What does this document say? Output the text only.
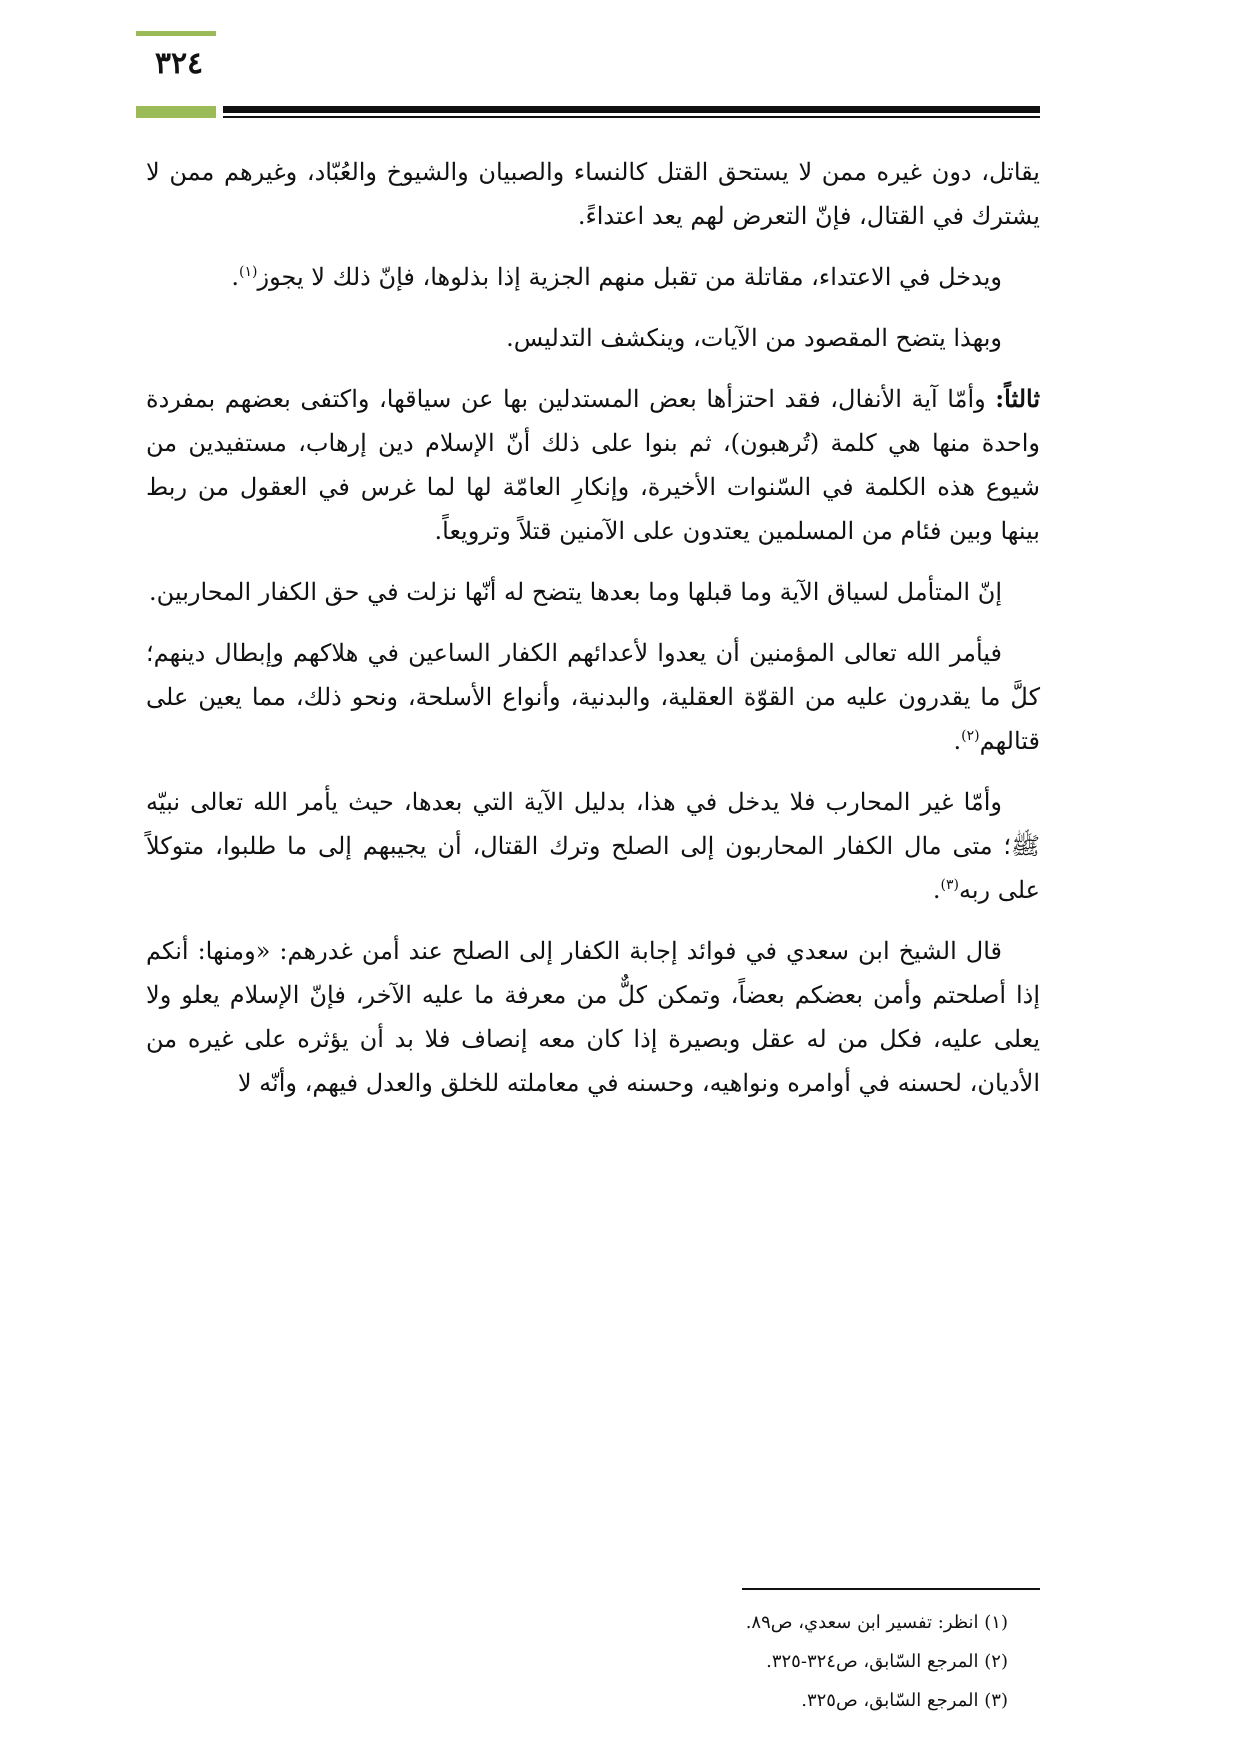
٣٢٤

يقاتل، دون غيره ممن لا يستحق القتل كالنساء والصبيان والشيوخ والعُبّاد، وغيرهم ممن لا يشترك في القتال، فإنّ التعرض لهم يعد اعتداءً.

ويدخل في الاعتداء، مقاتلة من تقبل منهم الجزية إذا بذلوها، فإنّ ذلك لا يجوز$^{(١)}$.

وبهذا يتضح المقصود من الآيات، وينكشف التدليس.

ثالثاً: وأمّا آية الأنفال، فقد احتزأها بعض المستدلين بها عن سياقها، واكتفى بعضهم بمفردة واحدة منها هي كلمة (تُرهبون)، ثم بنوا على ذلك أنّ الإسلام دين إرهاب، مستفيدين من شيوع هذه الكلمة في السّنوات الأخيرة، وإنكارِ العامّة لها لما غرس في العقول من ربط بينها وبين فئام من المسلمين يعتدون على الآمنين قتلاً وترويعاً.

إنّ المتأمل لسياق الآية وما قبلها وما بعدها يتضح له أنّها نزلت في حق الكفار المحاربين.

فيأمر الله تعالى المؤمنين أن يعدوا لأعدائهم الكفار الساعين في هلاكهم وإبطال دينهم؛ كلَّ ما يقدرون عليه من القوّة العقلية، والبدنية، وأنواع الأسلحة، ونحو ذلك، مما يعين على قتالهم$^{(٢)}$.

وأمّا غير المحارب فلا يدخل في هذا، بدليل الآية التي بعدها، حيث يأمر الله تعالى نبيّه ﷺ؛ متى مال الكفار المحاربون إلى الصلح وترك القتال، أن يجيبهم إلى ما طلبوا، متوكلاً على ربه$^{(٣)}$.

قال الشيخ ابن سعدي في فوائد إجابة الكفار إلى الصلح عند أمن غدرهم: «ومنها: أنكم إذا أصلحتم وأمن بعضكم بعضاً، وتمكن كلٌّ من معرفة ما عليه الآخر، فإنّ الإسلام يعلو ولا يعلى عليه، فكل من له عقل وبصيرة إذا كان معه إنصاف فلا بد أن يؤثره على غيره من الأديان، لحسنه في أوامره ونواهيه، وحسنه في معاملته للخلق والعدل فيهم، وأنّه لا

(١) انظر: تفسير ابن سعدي، ص٨٩.
(٢) المرجع السّابق، ص٣٢٤-٣٢٥.
(٣) المرجع السّابق، ص٣٢٥.
